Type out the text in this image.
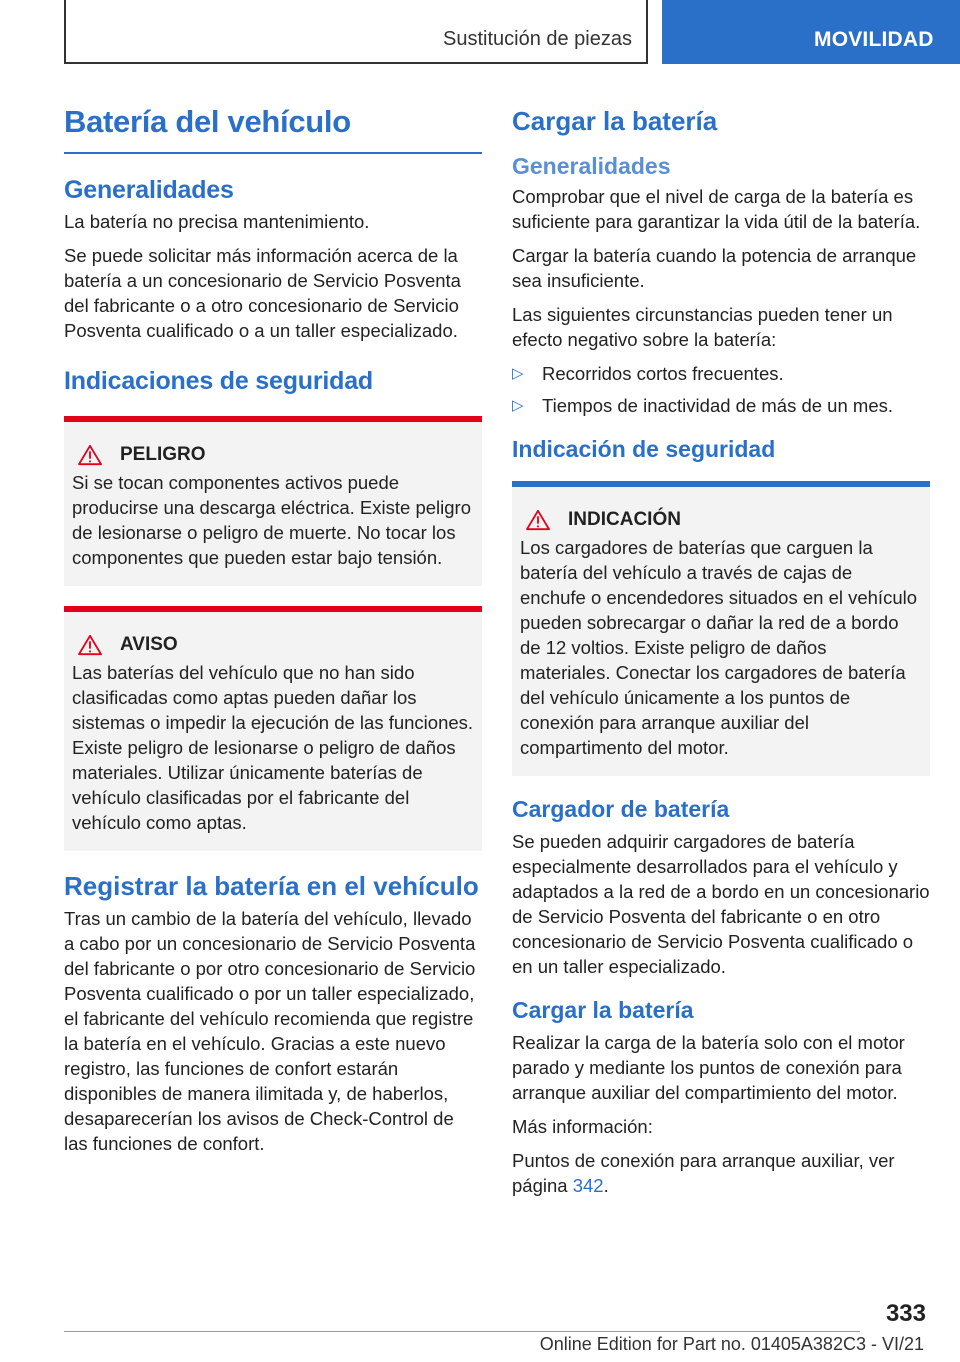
Sustitución de piezas	MOVILIDAD
Batería del vehículo
Generalidades

La batería no precisa mantenimiento.

Se puede solicitar más información acerca de la batería a un concesionario de Servicio Posventa del fabricante o a otro concesionario de Servicio Posventa cualificado o a un taller especializado.

Indicaciones de seguridad
PELIGRO

Si se tocan componentes activos puede producirse una descarga eléctrica. Existe peligro de lesionarse o peligro de muerte. No tocar los componentes que pueden estar bajo tensión.

AVISO

Las baterías del vehículo que no han sido clasificadas como aptas pueden dañar los sistemas o impedir la ejecución de las funciones. Existe peligro de lesionarse o peligro de daños materiales. Utilizar únicamente baterías de vehículo clasificadas por el fabricante del vehículo como aptas.

Registrar la batería en el vehículo

Tras un cambio de la batería del vehículo, llevado a cabo por un concesionario de Servicio Posventa del fabricante o por otro concesionario de Servicio Posventa cualificado o por un taller especializado, el fabricante del vehículo recomienda que registre la batería en el vehículo. Gracias a este nuevo registro, las funciones de confort estarán disponibles de manera ilimitada y, de haberlos, desaparecerían los avisos de Check-Control de las funciones de confort.

Cargar la batería
Generalidades

Comprobar que el nivel de carga de la batería es suficiente para garantizar la vida útil de la batería.

Cargar la batería cuando la potencia de arranque sea insuficiente.

Las siguientes circunstancias pueden tener un efecto negativo sobre la batería:

▷ Recorridos cortos frecuentes.
▷ Tiempos de inactividad de más de un mes.
Indicación de seguridad
INDICACIÓN

Los cargadores de baterías que carguen la batería del vehículo a través de cajas de enchufe o encendedores situados en el vehículo pueden sobrecargar o dañar la red de a bordo de 12 voltios. Existe peligro de daños materiales. Conectar los cargadores de batería del vehículo únicamente a los puntos de conexión para arranque auxiliar del compartimento del motor.

Cargador de batería

Se pueden adquirir cargadores de batería especialmente desarrollados para el vehículo y adaptados a la red de a bordo en un concesionario de Servicio Posventa del fabricante o en otro concesionario de Servicio Posventa cualificado o en un taller especializado.

Cargar la batería

Realizar la carga de la batería solo con el motor parado y mediante los puntos de conexión para arranque auxiliar del compartimiento del motor.

Más información:

Puntos de conexión para arranque auxiliar, ver página 342.

333
Online Edition for Part no. 01405A382C3 - VI/21
